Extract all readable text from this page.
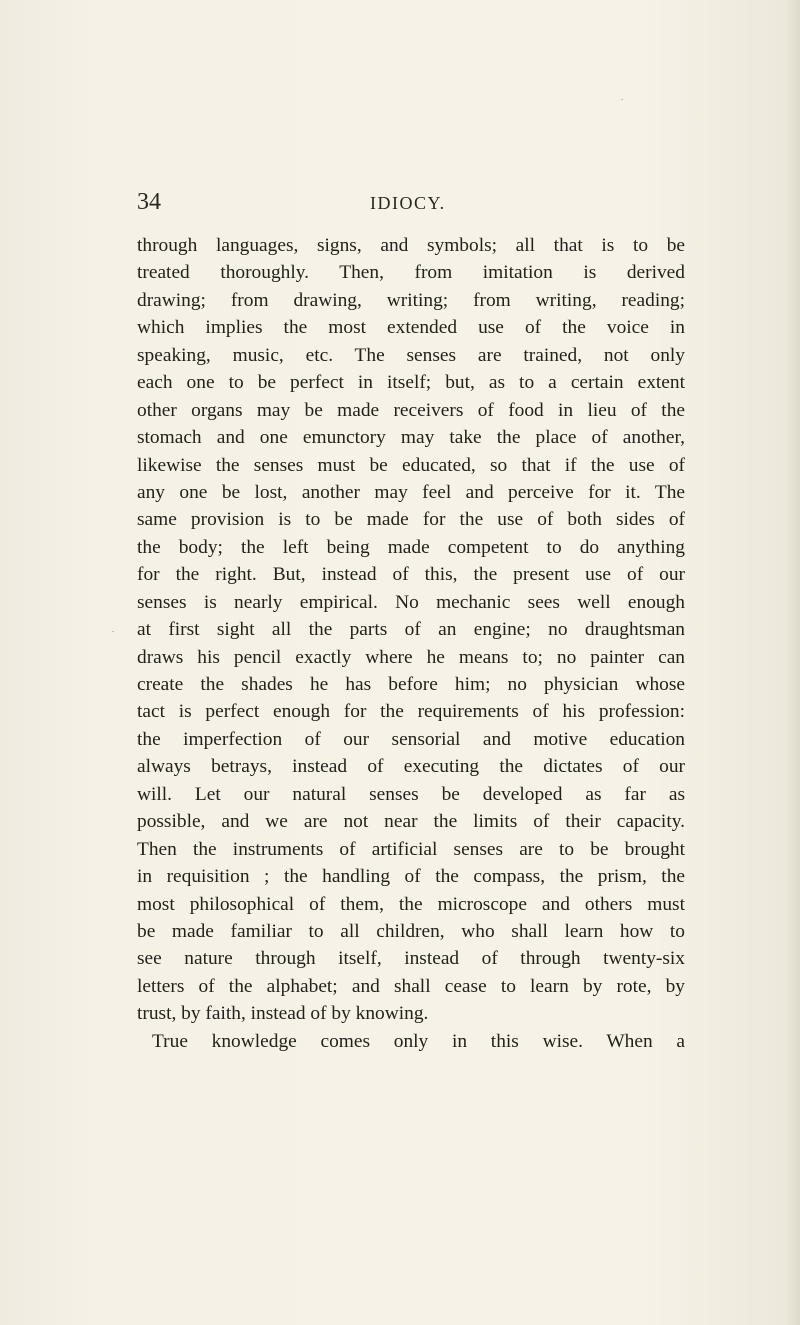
⸳
⸳
34	IDIOCY.
through languages, signs, and symbols; all that is to be
treated thoroughly. Then, from imitation is derived
drawing; from drawing, writing; from writing, reading;
which implies the most extended use of the voice in
speaking, music, etc. The senses are trained, not only
each one to be perfect in itself; but, as to a certain extent
other organs may be made receivers of food in lieu of the
stomach and one emunctory may take the place of another,
likewise the senses must be educated, so that if the use of
any one be lost, another may feel and perceive for it. The
same provision is to be made for the use of both sides of
the body; the left being made competent to do anything
for the right. But, instead of this, the present use of our
senses is nearly empirical. No mechanic sees well enough
at first sight all the parts of an engine; no draughtsman
draws his pencil exactly where he means to; no painter can
create the shades he has before him; no physician whose
tact is perfect enough for the requirements of his profession:
the imperfection of our sensorial and motive education
always betrays, instead of executing the dictates of our
will. Let our natural senses be developed as far as
possible, and we are not near the limits of their capacity.
Then the instruments of artificial senses are to be brought
in requisition ; the handling of the compass, the prism, the
most philosophical of them, the microscope and others must
be made familiar to all children, who shall learn how to
see nature through itself, instead of through twenty-six
letters of the alphabet; and shall cease to learn by rote, by
trust, by faith, instead of by knowing.
True knowledge comes only in this wise. When a
